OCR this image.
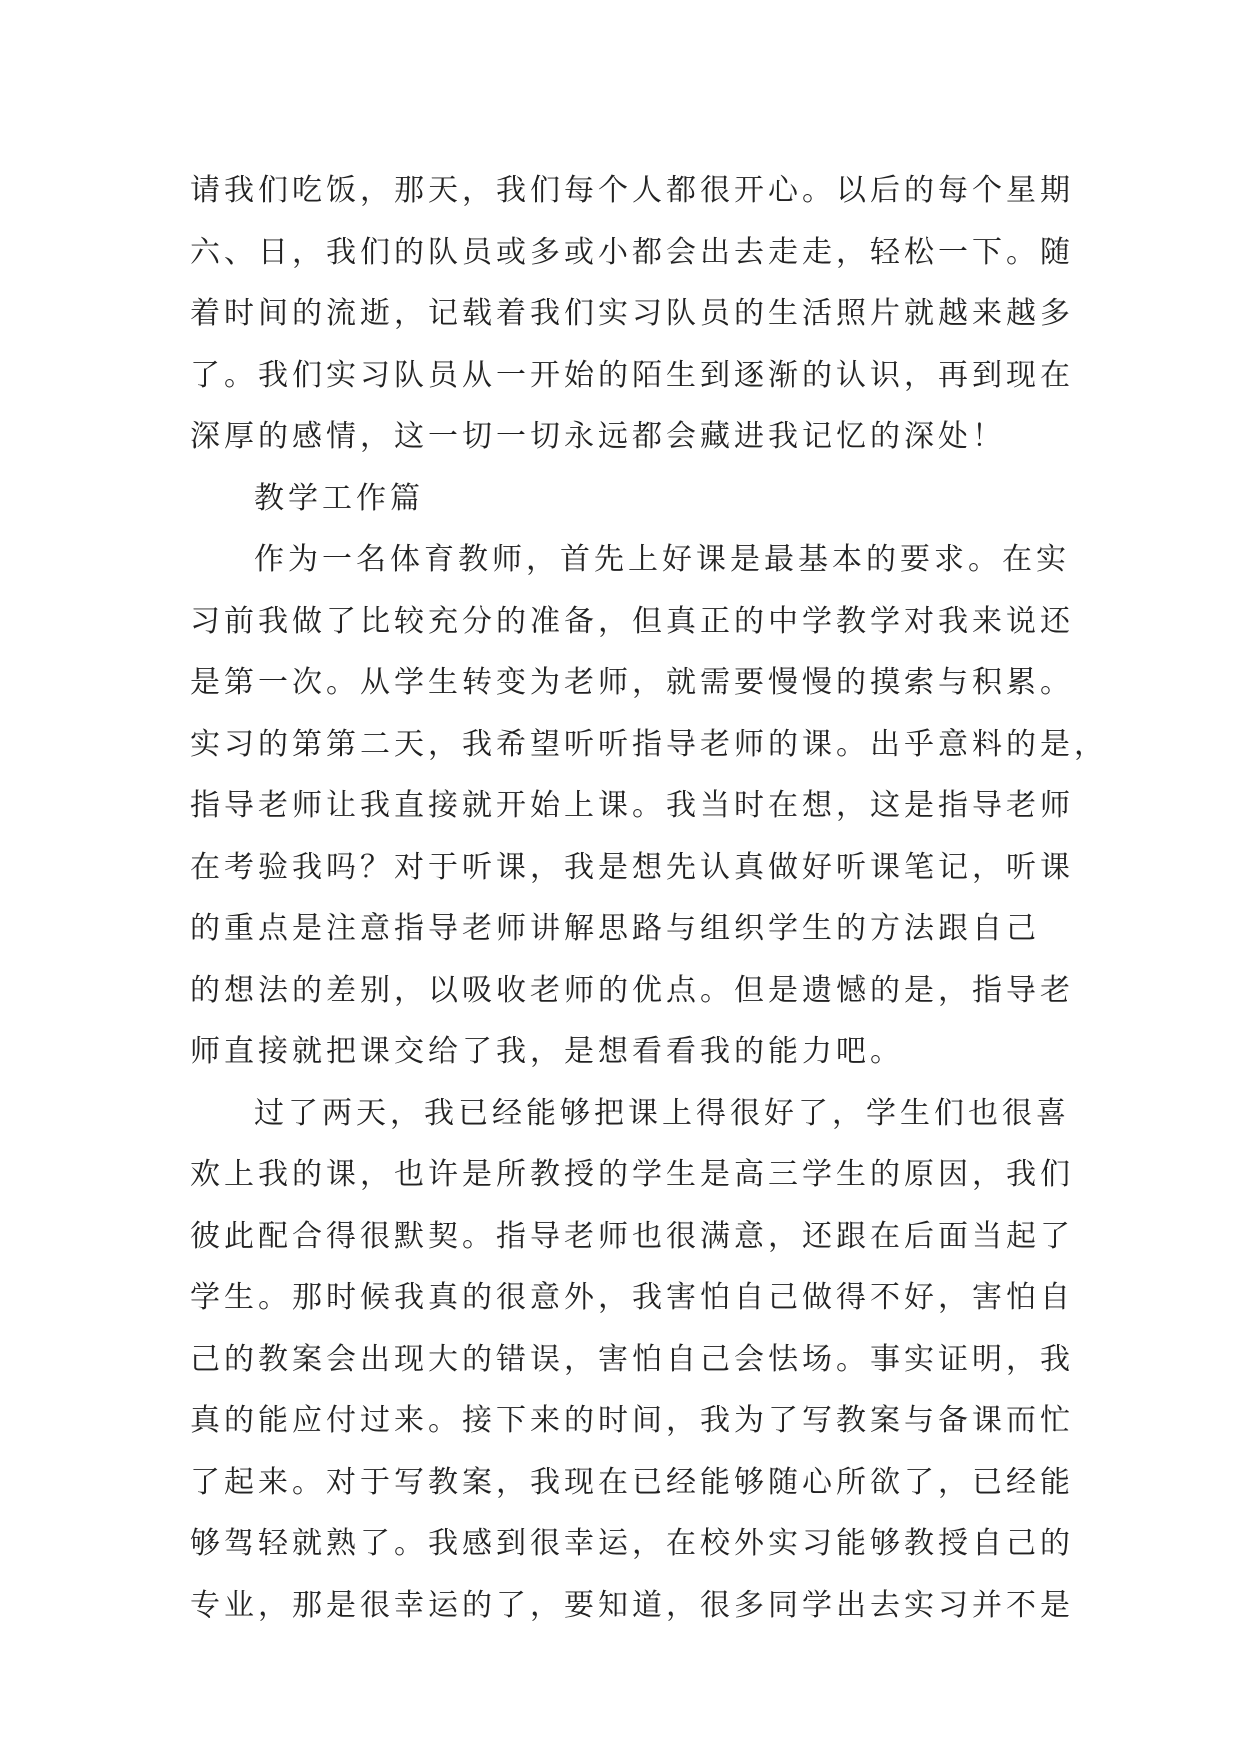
请我们吃饭，那天，我们每个人都很开心。以后的每个星期
六、日，我们的队员或多或小都会出去走走，轻松一下。随
着时间的流逝，记载着我们实习队员的生活照片就越来越多
了。我们实习队员从一开始的陌生到逐渐的认识，再到现在
深厚的感情，这一切一切永远都会藏进我记忆的深处！
教学工作篇
作为一名体育教师，首先上好课是最基本的要求。在实
习前我做了比较充分的准备，但真正的中学教学对我来说还
是第一次。从学生转变为老师，就需要慢慢的摸索与积累。
实习的第第二天，我希望听听指导老师的课。出乎意料的是，
指导老师让我直接就开始上课。我当时在想，这是指导老师
在考验我吗？对于听课，我是想先认真做好听课笔记，听课
的重点是注意指导老师讲解思路与组织学生的方法跟自己
的想法的差别，以吸收老师的优点。但是遗憾的是，指导老
师直接就把课交给了我，是想看看我的能力吧。
过了两天，我已经能够把课上得很好了，学生们也很喜
欢上我的课，也许是所教授的学生是高三学生的原因，我们
彼此配合得很默契。指导老师也很满意，还跟在后面当起了
学生。那时候我真的很意外，我害怕自己做得不好，害怕自
己的教案会出现大的错误，害怕自己会怯场。事实证明，我
真的能应付过来。接下来的时间，我为了写教案与备课而忙
了起来。对于写教案，我现在已经能够随心所欲了，已经能
够驾轻就熟了。我感到很幸运，在校外实习能够教授自己的
专业，那是很幸运的了，要知道，很多同学出去实习并不是
